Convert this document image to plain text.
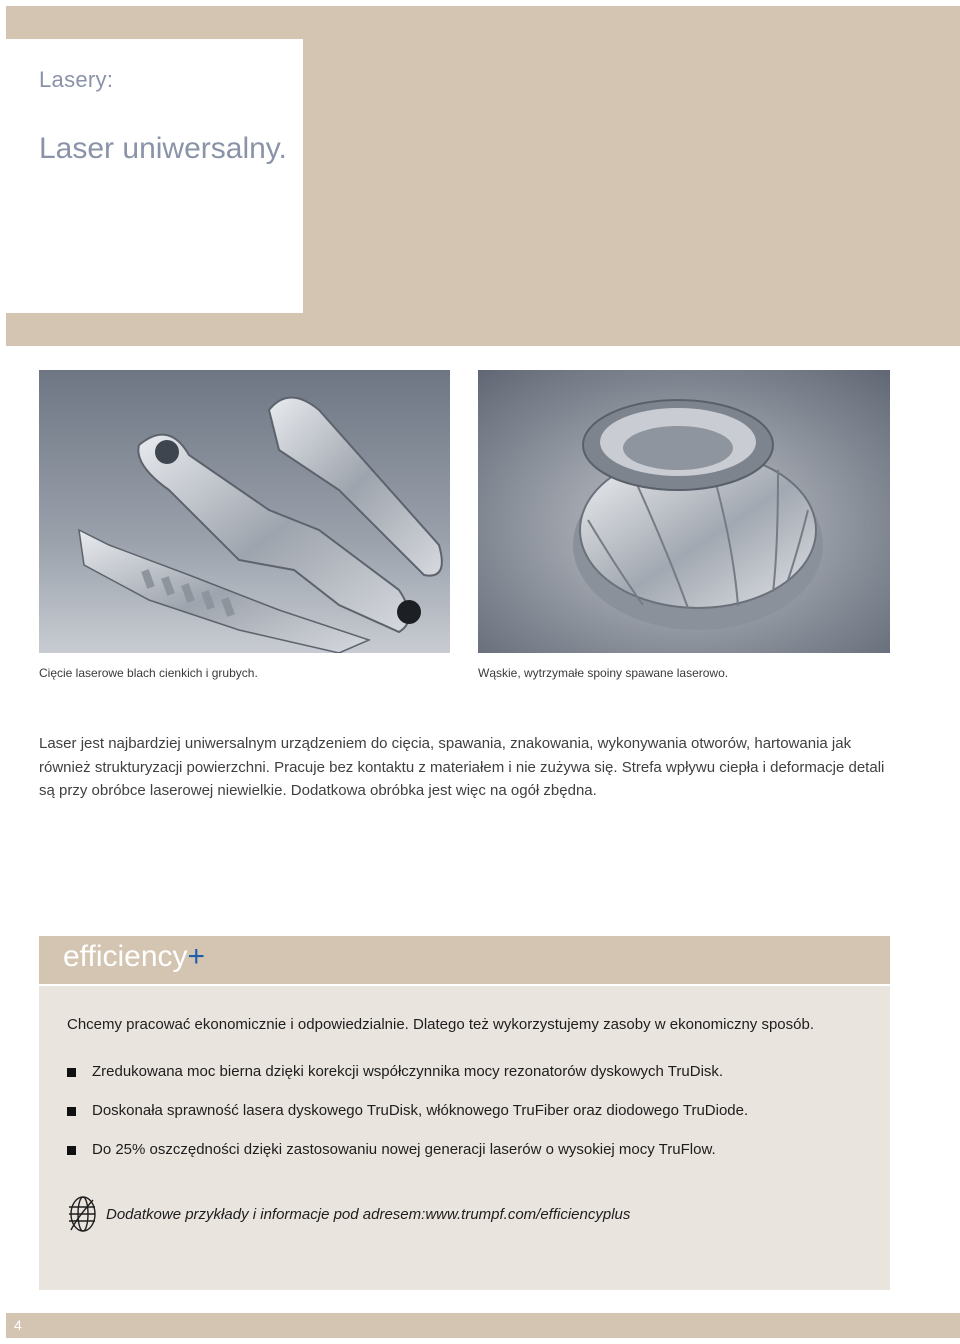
Lasery:
Laser uniwersalny.
Cięcie laserowe blach cienkich i grubych.	Wąskie, wytrzymałe spoiny spawane laserowo.
Laser jest najbardziej uniwersalnym urządzeniem do cięcia, spawania, znakowania, wykonywania otworów, hartowania jak również strukturyzacji powierzchni. Pracuje bez kontaktu z materiałem i nie zużywa się. Strefa wpływu ciepła i deformacje detali są przy obróbce laserowej niewielkie. Dodatkowa obróbka jest więc na ogół zbędna.
efficiency+
Chcemy pracować ekonomicznie i odpowiedzialnie. Dlatego też wykorzystujemy zasoby w ekonomiczny sposób.
Zredukowana moc bierna dzięki korekcji współczynnika mocy rezonatorów dyskowych TruDisk.
Doskonała sprawność lasera dyskowego TruDisk, włóknowego TruFiber oraz diodowego TruDiode.
Do 25% oszczędności dzięki zastosowaniu nowej generacji laserów o wysokiej mocy TruFlow.
Dodatkowe przykłady i informacje pod adresem:www.trumpf.com/efficiencyplus
4
